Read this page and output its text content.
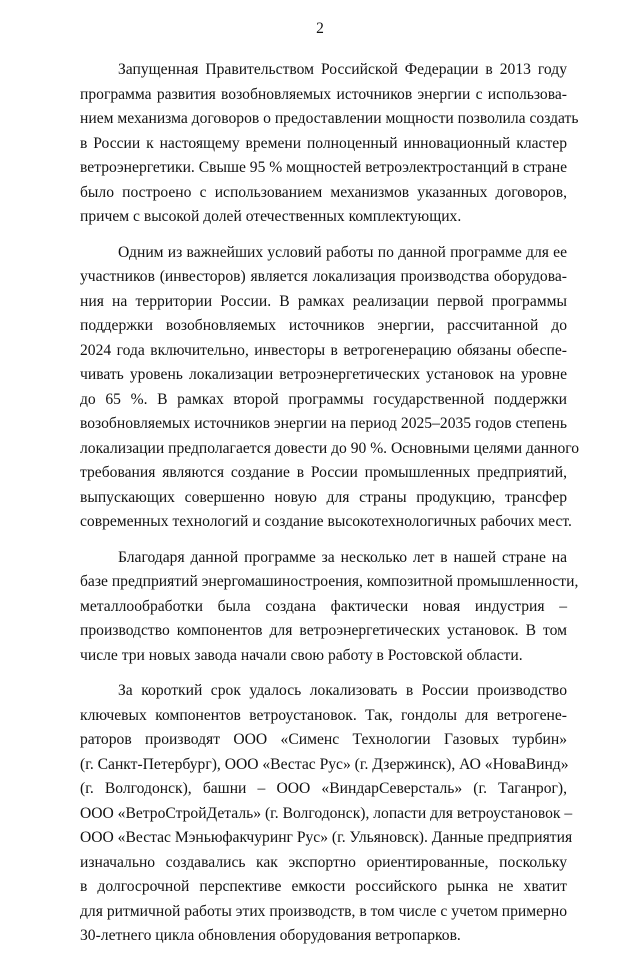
2

Запущенная Правительством Российской Федерации в 2013 году
программа развития возобновляемых источников энергии с использова-
нием механизма договоров о предоставлении мощности позволила создать
в России к настоящему времени полноценный инновационный кластер
ветроэнергетики. Свыше 95 % мощностей ветроэлектростанций в стране
было построено с использованием механизмов указанных договоров,
причем с высокой долей отечественных комплектующих.

Одним из важнейших условий работы по данной программе для ее
участников (инвесторов) является локализация производства оборудова-
ния на территории России. В рамках реализации первой программы
поддержки возобновляемых источников энергии, рассчитанной до
2024 года включительно, инвесторы в ветрогенерацию обязаны обеспе-
чивать уровень локализации ветроэнергетических установок на уровне
до 65 %. В рамках второй программы государственной поддержки
возобновляемых источников энергии на период 2025–2035 годов степень
локализации предполагается довести до 90 %. Основными целями данного
требования являются создание в России промышленных предприятий,
выпускающих совершенно новую для страны продукцию, трансфер
современных технологий и создание высокотехнологичных рабочих мест.

Благодаря данной программе за несколько лет в нашей стране на
базе предприятий энергомашиностроения, композитной промышленности,
металлообработки была создана фактически новая индустрия –
производство компонентов для ветроэнергетических установок. В том
числе три новых завода начали свою работу в Ростовской области.

За короткий срок удалось локализовать в России производство
ключевых компонентов ветроустановок. Так, гондолы для ветрогене-
раторов производят ООО «Сименс Технологии Газовых турбин»
(г. Санкт-Петербург), ООО «Вестас Рус» (г. Дзержинск), АО «НоваВинд»
(г. Волгодонск), башни – ООО «ВиндарСеверсталь» (г. Таганрог),
ООО «ВетроСтройДеталь» (г. Волгодонск), лопасти для ветроустановок –
ООО «Вестас Мэньюфакчуринг Рус» (г. Ульяновск). Данные предприятия
изначально создавались как экспортно ориентированные, поскольку
в долгосрочной перспективе емкости российского рынка не хватит
для ритмичной работы этих производств, в том числе с учетом примерно
30-летнего цикла обновления оборудования ветропарков.
